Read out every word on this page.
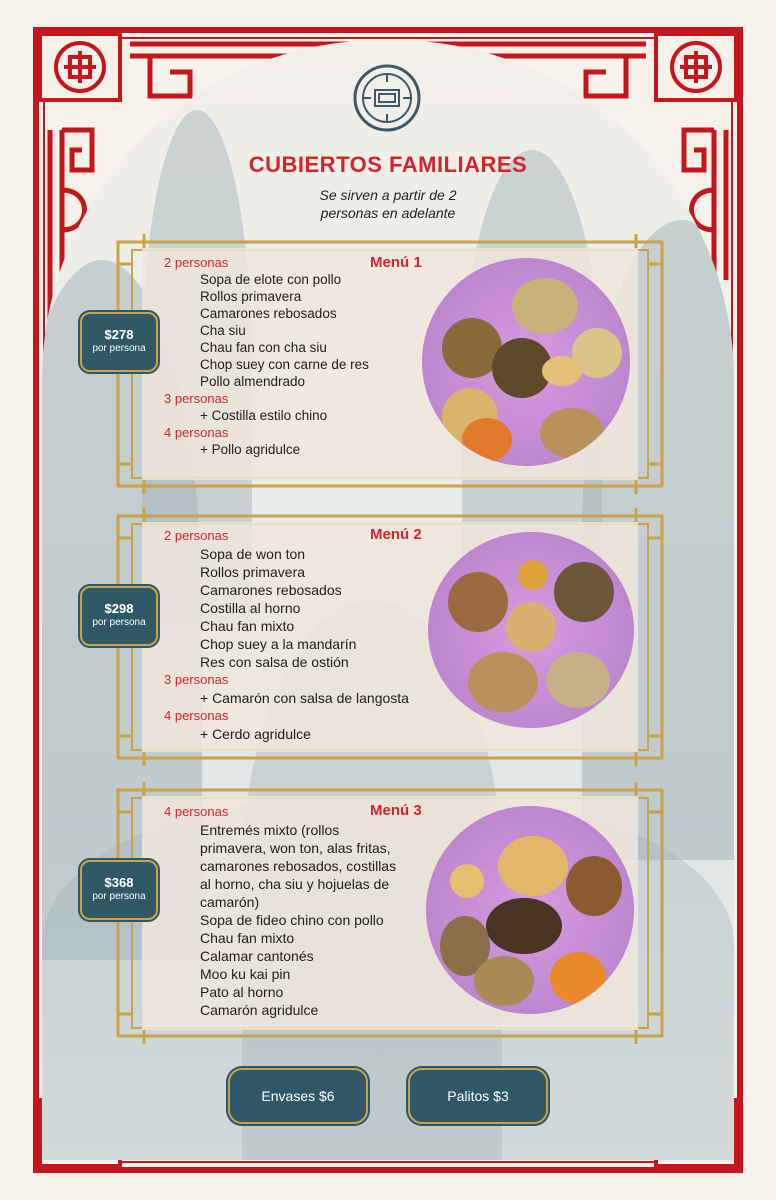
CUBIERTOS FAMILIARES
Se sirven a partir de 2
personas en adelante
Menú 1
2 personas
Sopa de elote con pollo
Rollos primavera
Camarones rebosados
Cha siu
Chau fan con cha siu
Chop suey con carne de res
Pollo almendrado
3 personas
+ Costilla estilo chino
4 personas
+ Pollo agridulce
$278
por persona
Menú 2
2 personas
Sopa de won ton
Rollos primavera
Camarones rebosados
Costilla al horno
Chau fan mixto
Chop suey a la mandarín
Res con salsa de ostión
3 personas
+ Camarón con salsa de langosta
4 personas
+ Cerdo agridulce
$298
por persona
Menú 3
4 personas
Entremés mixto (rollos primavera, won ton, alas fritas, camarones rebosados, costillas al horno, cha siu y hojuelas de camarón)
Sopa de fideo chino con pollo
Chau fan mixto
Calamar cantonés
Moo ku kai pin
Pato al horno
Camarón agridulce
$368
por persona
Envases $6	Palitos $3
